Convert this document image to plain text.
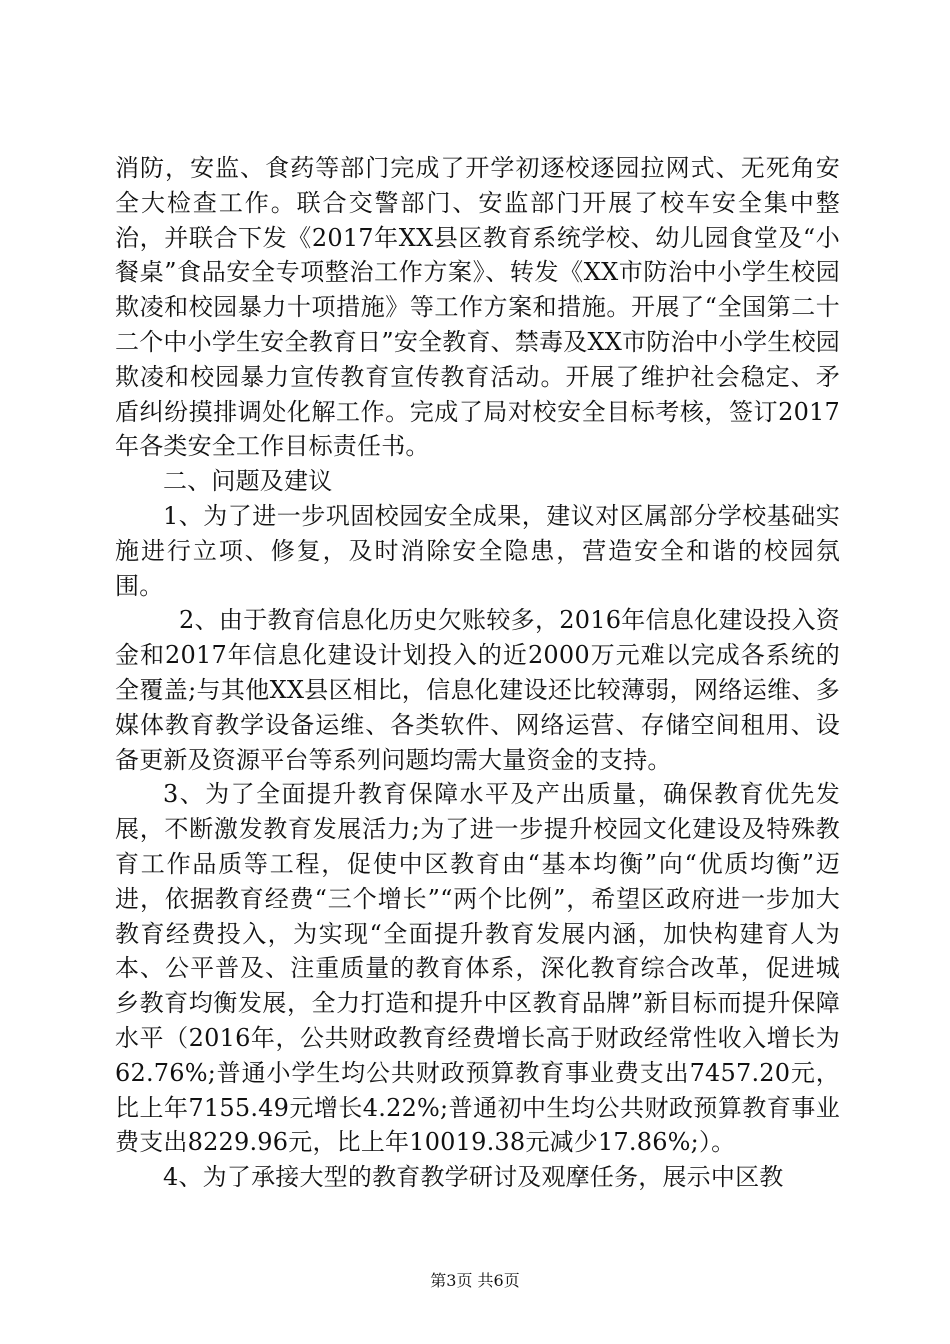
消防，安监、食药等部门完成了开学初逐校逐园拉网式、无死角安全大检查工作。联合交警部门、安监部门开展了校车安全集中整治，并联合下发《2017年XX县区教育系统学校、幼儿园食堂及“小餐桌”食品安全专项整治工作方案》、转发《XX市防治中小学生校园欺凌和校园暴力十项措施》等工作方案和措施。开展了“全国第二十二个中小学生安全教育日”安全教育、禁毒及XX市防治中小学生校园欺凌和校园暴力宣传教育宣传教育活动。开展了维护社会稳定、矛盾纠纷摸排调处化解工作。完成了局对校安全目标考核，签订2017年各类安全工作目标责任书。

二、问题及建议

1、为了进一步巩固校园安全成果，建议对区属部分学校基础实施进行立项、修复，及时消除安全隐患，营造安全和谐的校园氛围。

2、由于教育信息化历史欠账较多，2016年信息化建设投入资金和2017年信息化建设计划投入的近2000万元难以完成各系统的全覆盖;与其他XX县区相比，信息化建设还比较薄弱，网络运维、多媒体教育教学设备运维、各类软件、网络运营、存储空间租用、设备更新及资源平台等系列问题均需大量资金的支持。

3、为了全面提升教育保障水平及产出质量，确保教育优先发展，不断激发教育发展活力;为了进一步提升校园文化建设及特殊教育工作品质等工程，促使中区教育由“基本均衡”向“优质均衡”迈进，依据教育经费“三个增长”“两个比例”，希望区政府进一步加大教育经费投入，为实现“全面提升教育发展内涵，加快构建育人为本、公平普及、注重质量的教育体系，深化教育综合改革，促进城乡教育均衡发展，全力打造和提升中区教育品牌”新目标而提升保障水平（2016年，公共财政教育经费增长高于财政经常性收入增长为62.76%;普通小学生均公共财政预算教育事业费支出7457.20元，比上年7155.49元增长4.22%;普通初中生均公共财政预算教育事业费支出8229.96元，比上年10019.38元减少17.86%;）。

4、为了承接大型的教育教学研讨及观摩任务，展示中区教

第3页 共6页
